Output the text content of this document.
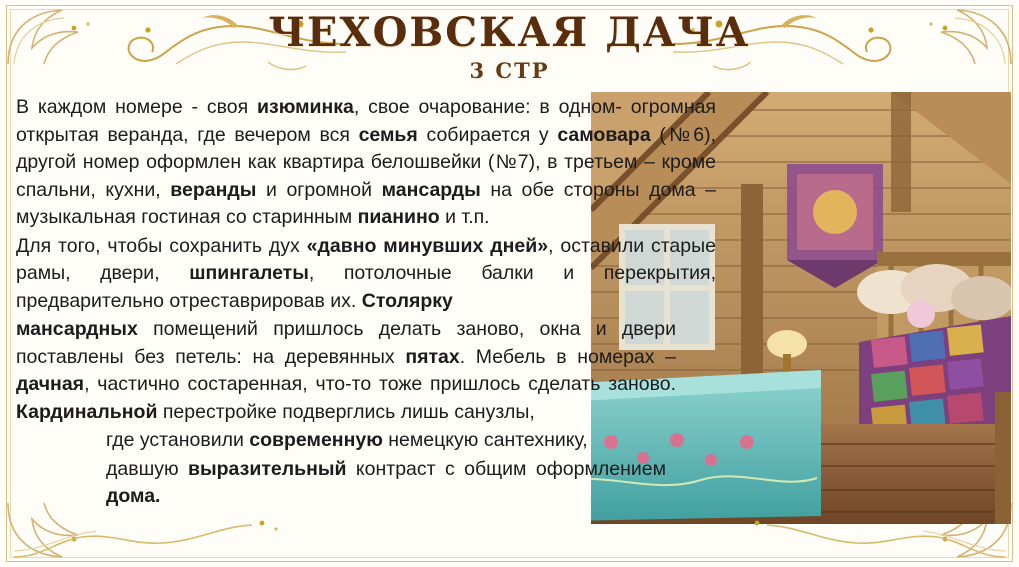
ЧЕХОВСКАЯ ДАЧА
3 СТР

В каждом номере - своя изюминка, свое очарование: в одном- огромная открытая веранда, где вечером вся семья собирается у самовара (№6), другой номер оформлен как квартира белошвейки (№7), в третьем – кроме спальни, кухни, веранды и огромной мансарды на обе стороны дома – музыкальная гостиная со старинным пианино и т.п.

Для того, чтобы сохранить дух «давно минувших дней», оставили старые рамы, двери, шпингалеты, потолочные балки и перекрытия, предварительно отреставрировав их. Столярку

мансардных помещений пришлось делать заново, окна и двери поставлены без петель: на деревянных пятах. Мебель в номерах – дачная, частично состаренная, что-то тоже пришлось сделать заново. Кардинальной перестройке подверглись лишь санузлы,

где установили современную немецкую сантехнику,

давшую выразительный контраст с общим оформлением дома.
